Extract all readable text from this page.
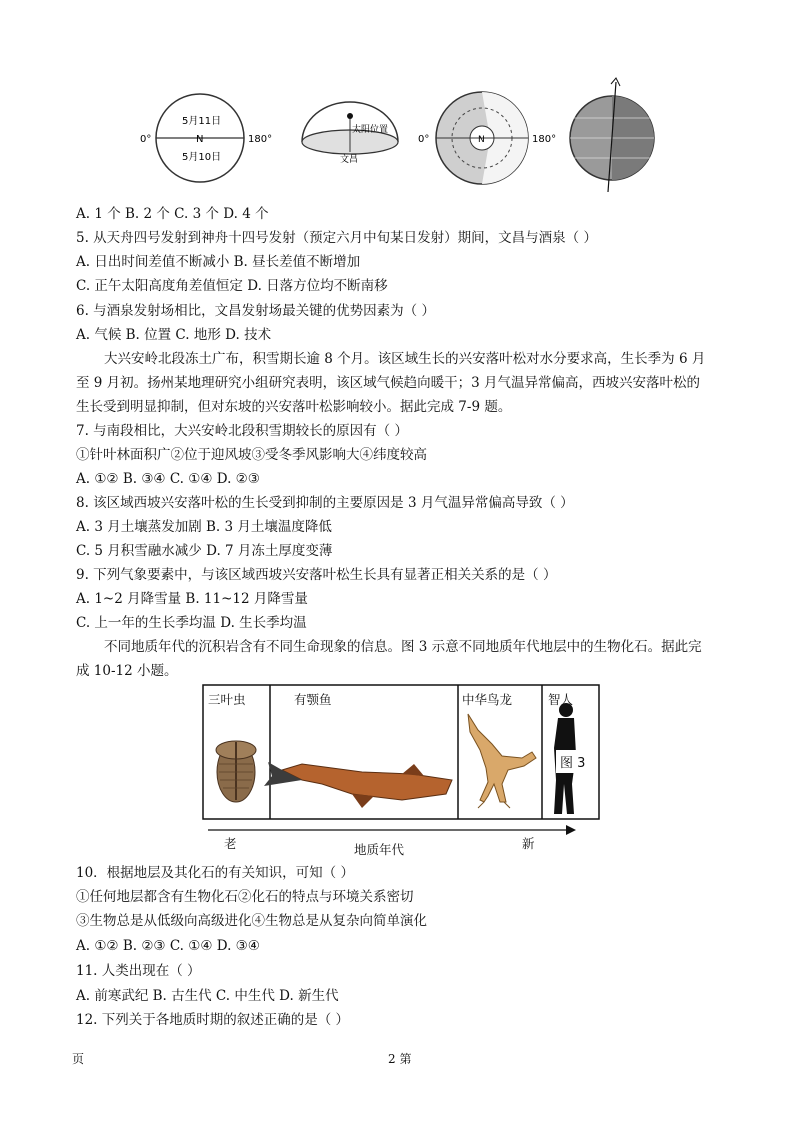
0°	180°
5月11日
N
5月10日
太阳位置
文昌
0°	180°
N
A. 1 个 B. 2 个 C. 3 个 D. 4 个
5. 从天舟四号发射到神舟十四号发射（预定六月中旬某日发射）期间，文昌与酒泉（ ）
A. 日出时间差值不断减小 B. 昼长差值不断增加
C. 正午太阳高度角差值恒定 D. 日落方位均不断南移
6. 与酒泉发射场相比，文昌发射场最关键的优势因素为（ ）
A. 气候 B. 位置 C. 地形 D. 技术
大兴安岭北段冻土广布，积雪期长逾 8 个月。该区域生长的兴安落叶松对水分要求高，生长季为 6 月
至 9 月初。扬州某地理研究小组研究表明，该区域气候趋向暖干；3 月气温异常偏高，西坡兴安落叶松的
生长受到明显抑制，但对东坡的兴安落叶松影响较小。据此完成 7-9 题。
7. 与南段相比，大兴安岭北段积雪期较长的原因有（ ）
①针叶林面积广②位于迎风坡③受冬季风影响大④纬度较高
A. ①② B. ③④ C. ①④ D. ②③
8. 该区域西坡兴安落叶松的生长受到抑制的主要原因是 3 月气温异常偏高导致（ ）
A. 3 月土壤蒸发加剧 B. 3 月土壤温度降低
C. 5 月积雪融水减少 D. 7 月冻土厚度变薄
9. 下列气象要素中，与该区域西坡兴安落叶松生长具有显著正相关关系的是（ ）
A. 1~2 月降雪量 B. 11~12 月降雪量
C. 上一年的生长季均温 D. 生长季均温
不同地质年代的沉积岩含有不同生命现象的信息。图 3 示意不同地质年代地层中的生物化石。据此完
成 10-12 小题。
三叶虫	有颚鱼	中华鸟龙	智人
图 3
老	地质年代	新
10．根据地层及其化石的有关知识，可知（ ）
①任何地层都含有生物化石②化石的特点与环境关系密切
③生物总是从低级向高级进化④生物总是从复杂向简单演化
A. ①② B. ②③ C. ①④ D. ③④
11. 人类出现在（ ）
A. 前寒武纪 B. 古生代 C. 中生代 D. 新生代
12. 下列关于各地质时期的叙述正确的是（ ）
页	2 第
